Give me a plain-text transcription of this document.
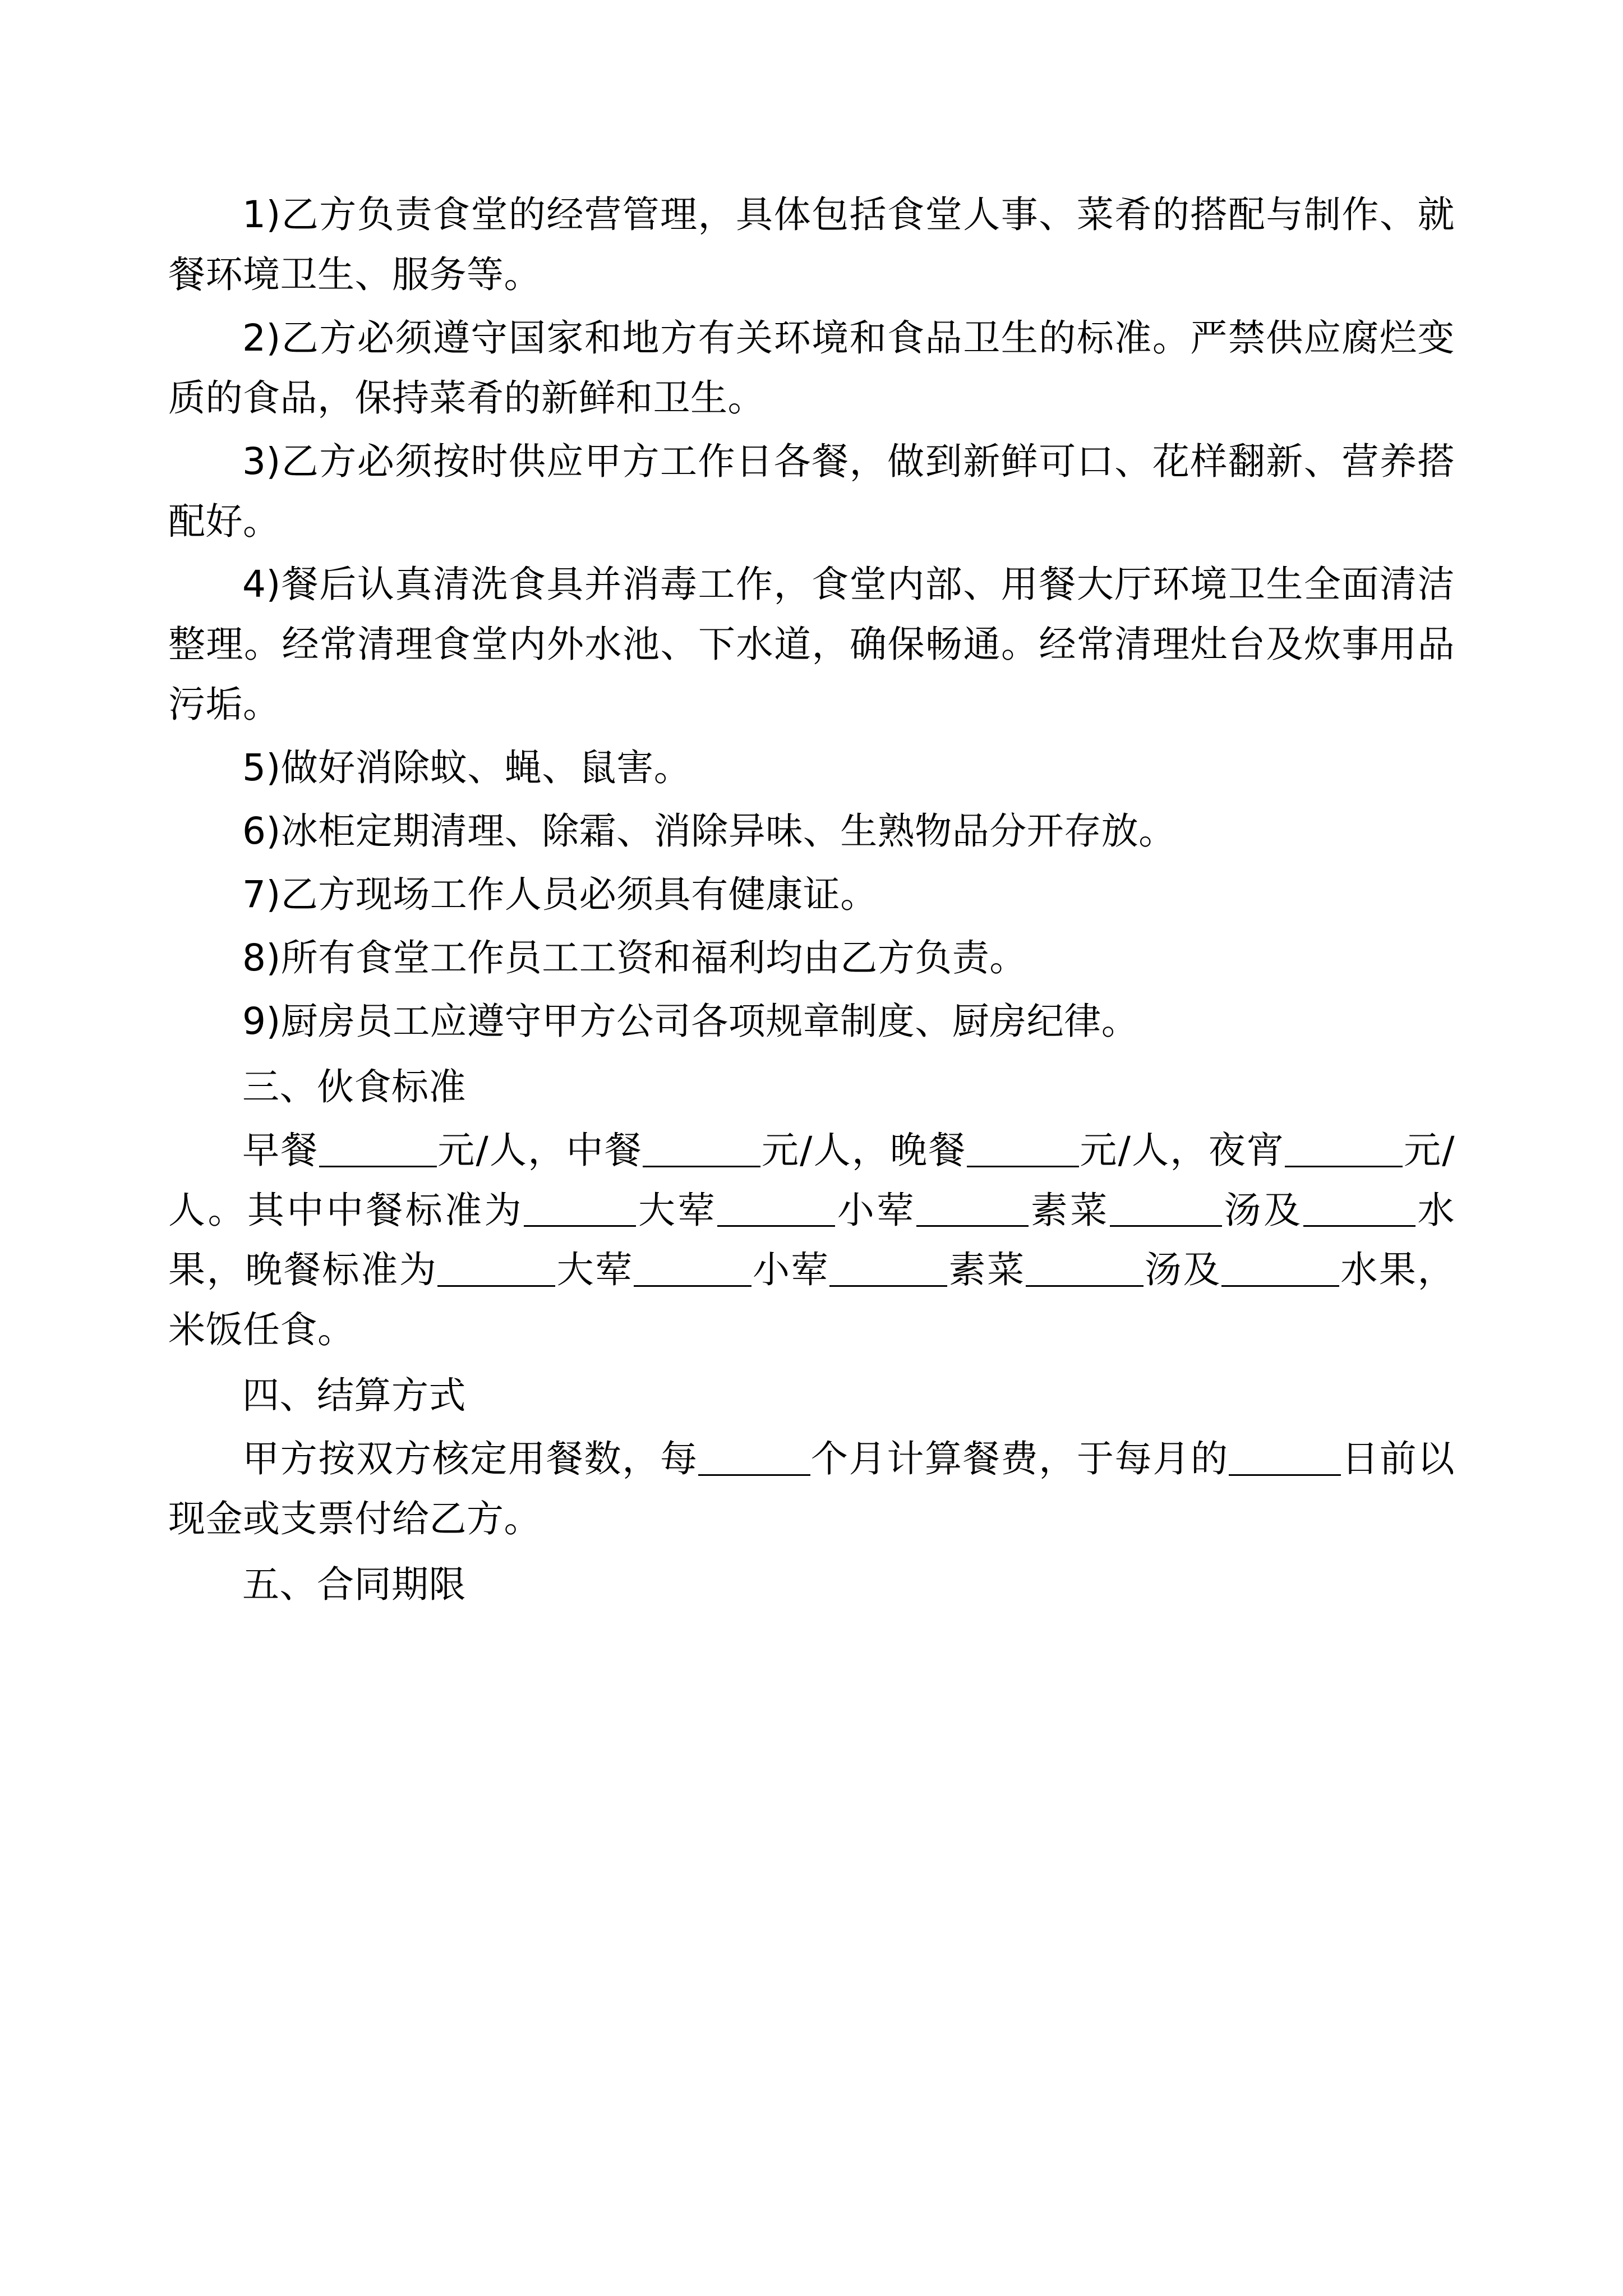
1)乙方负责食堂的经营管理，具体包括食堂人事、菜肴的搭配与制作、就餐环境卫生、服务等。

2)乙方必须遵守国家和地方有关环境和食品卫生的标准。严禁供应腐烂变质的食品，保持菜肴的新鲜和卫生。

3)乙方必须按时供应甲方工作日各餐，做到新鲜可口、花样翻新、营养搭配好。

4)餐后认真清洗食具并消毒工作，食堂内部、用餐大厅环境卫生全面清洁整理。经常清理食堂内外水池、下水道，确保畅通。经常清理灶台及炊事用品污垢。

5)做好消除蚊、蝇、鼠害。

6)冰柜定期清理、除霜、消除异味、生熟物品分开存放。

7)乙方现场工作人员必须具有健康证。

8)所有食堂工作员工工资和福利均由乙方负责。

9)厨房员工应遵守甲方公司各项规章制度、厨房纪律。

三、伙食标准

早餐	元/人，中餐	元/人，晚餐	元/人，夜宵	元/人。其中中餐标准为	大荤	小荤	素菜	汤及	水果，晚餐标准为	大荤	小荤	素菜	汤及	水果，米饭任食。

四、结算方式

甲方按双方核定用餐数，每	个月计算餐费，于每月的	日前以现金或支票付给乙方。

五、合同期限
